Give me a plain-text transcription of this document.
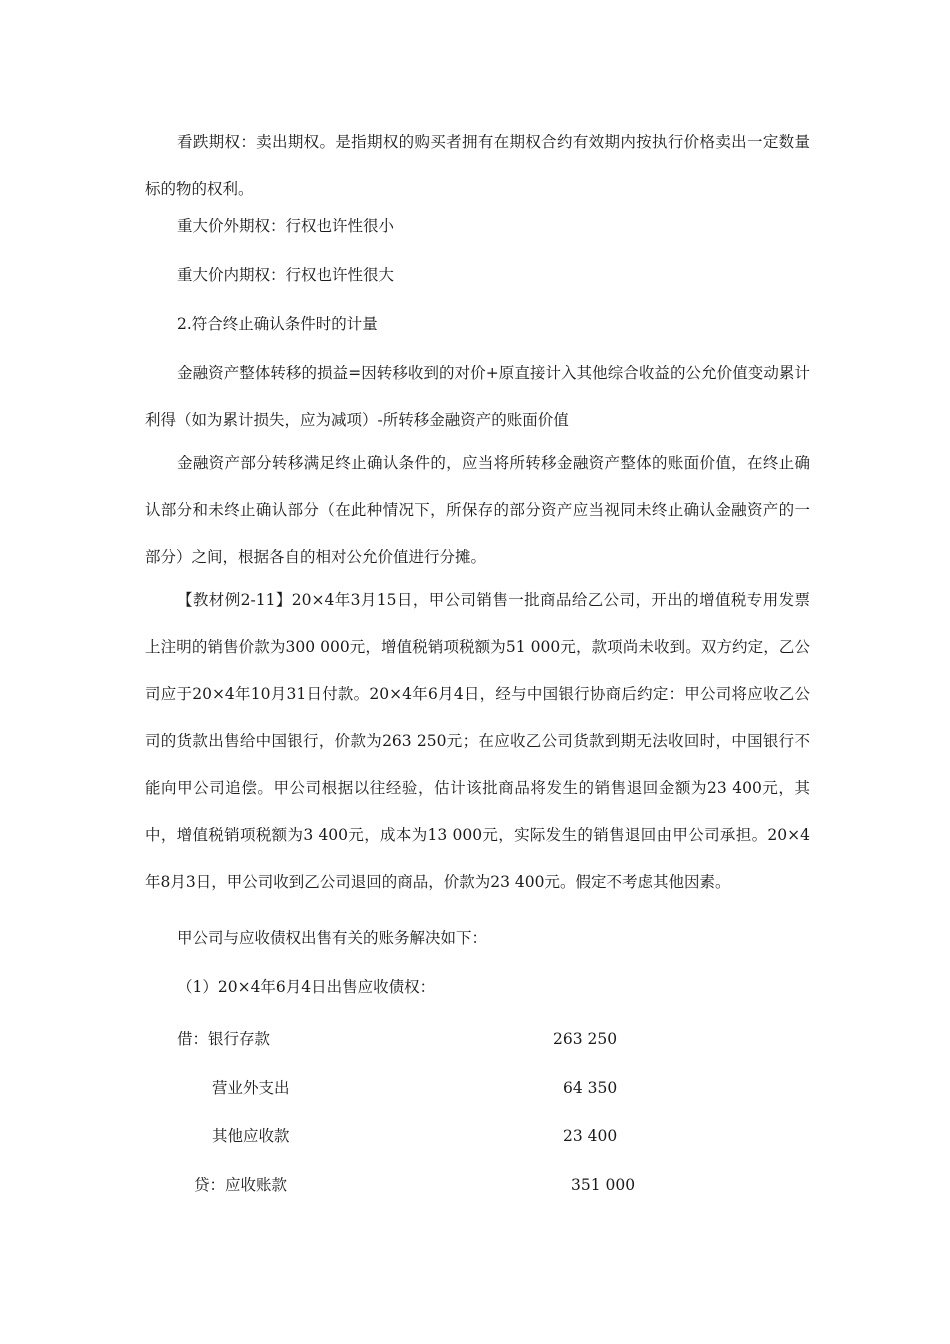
看跌期权：卖出期权。是指期权的购买者拥有在期权合约有效期内按执行价格卖出一定数量标的物的权利。

重大价外期权：行权也许性很小

重大价内期权：行权也许性很大

2.符合终止确认条件时的计量

金融资产整体转移的损益=因转移收到的对价+原直接计入其他综合收益的公允价值变动累计利得（如为累计损失，应为减项）-所转移金融资产的账面价值

金融资产部分转移满足终止确认条件的，应当将所转移金融资产整体的账面价值，在终止确认部分和未终止确认部分（在此种情况下，所保存的部分资产应当视同未终止确认金融资产的一部分）之间，根据各自的相对公允价值进行分摊。

【教材例2-11】20×4年3月15日，甲公司销售一批商品给乙公司，开出的增值税专用发票上注明的销售价款为300 000元，增值税销项税额为51 000元，款项尚未收到。双方约定，乙公司应于20×4年10月31日付款。20×4年6月4日，经与中国银行协商后约定：甲公司将应收乙公司的货款出售给中国银行，价款为263 250元；在应收乙公司货款到期无法收回时，中国银行不能向甲公司追偿。甲公司根据以往经验，估计该批商品将发生的销售退回金额为23 400元，其中，增值税销项税额为3 400元，成本为13 000元，实际发生的销售退回由甲公司承担。20×4年8月3日，甲公司收到乙公司退回的商品，价款为23 400元。假定不考虑其他因素。

甲公司与应收债权出售有关的账务解决如下：

（1）20×4年6月4日出售应收债权：

借：银行存款	263 250
营业外支出	64 350
其他应收款	23 400
贷：应收账款	351 000
